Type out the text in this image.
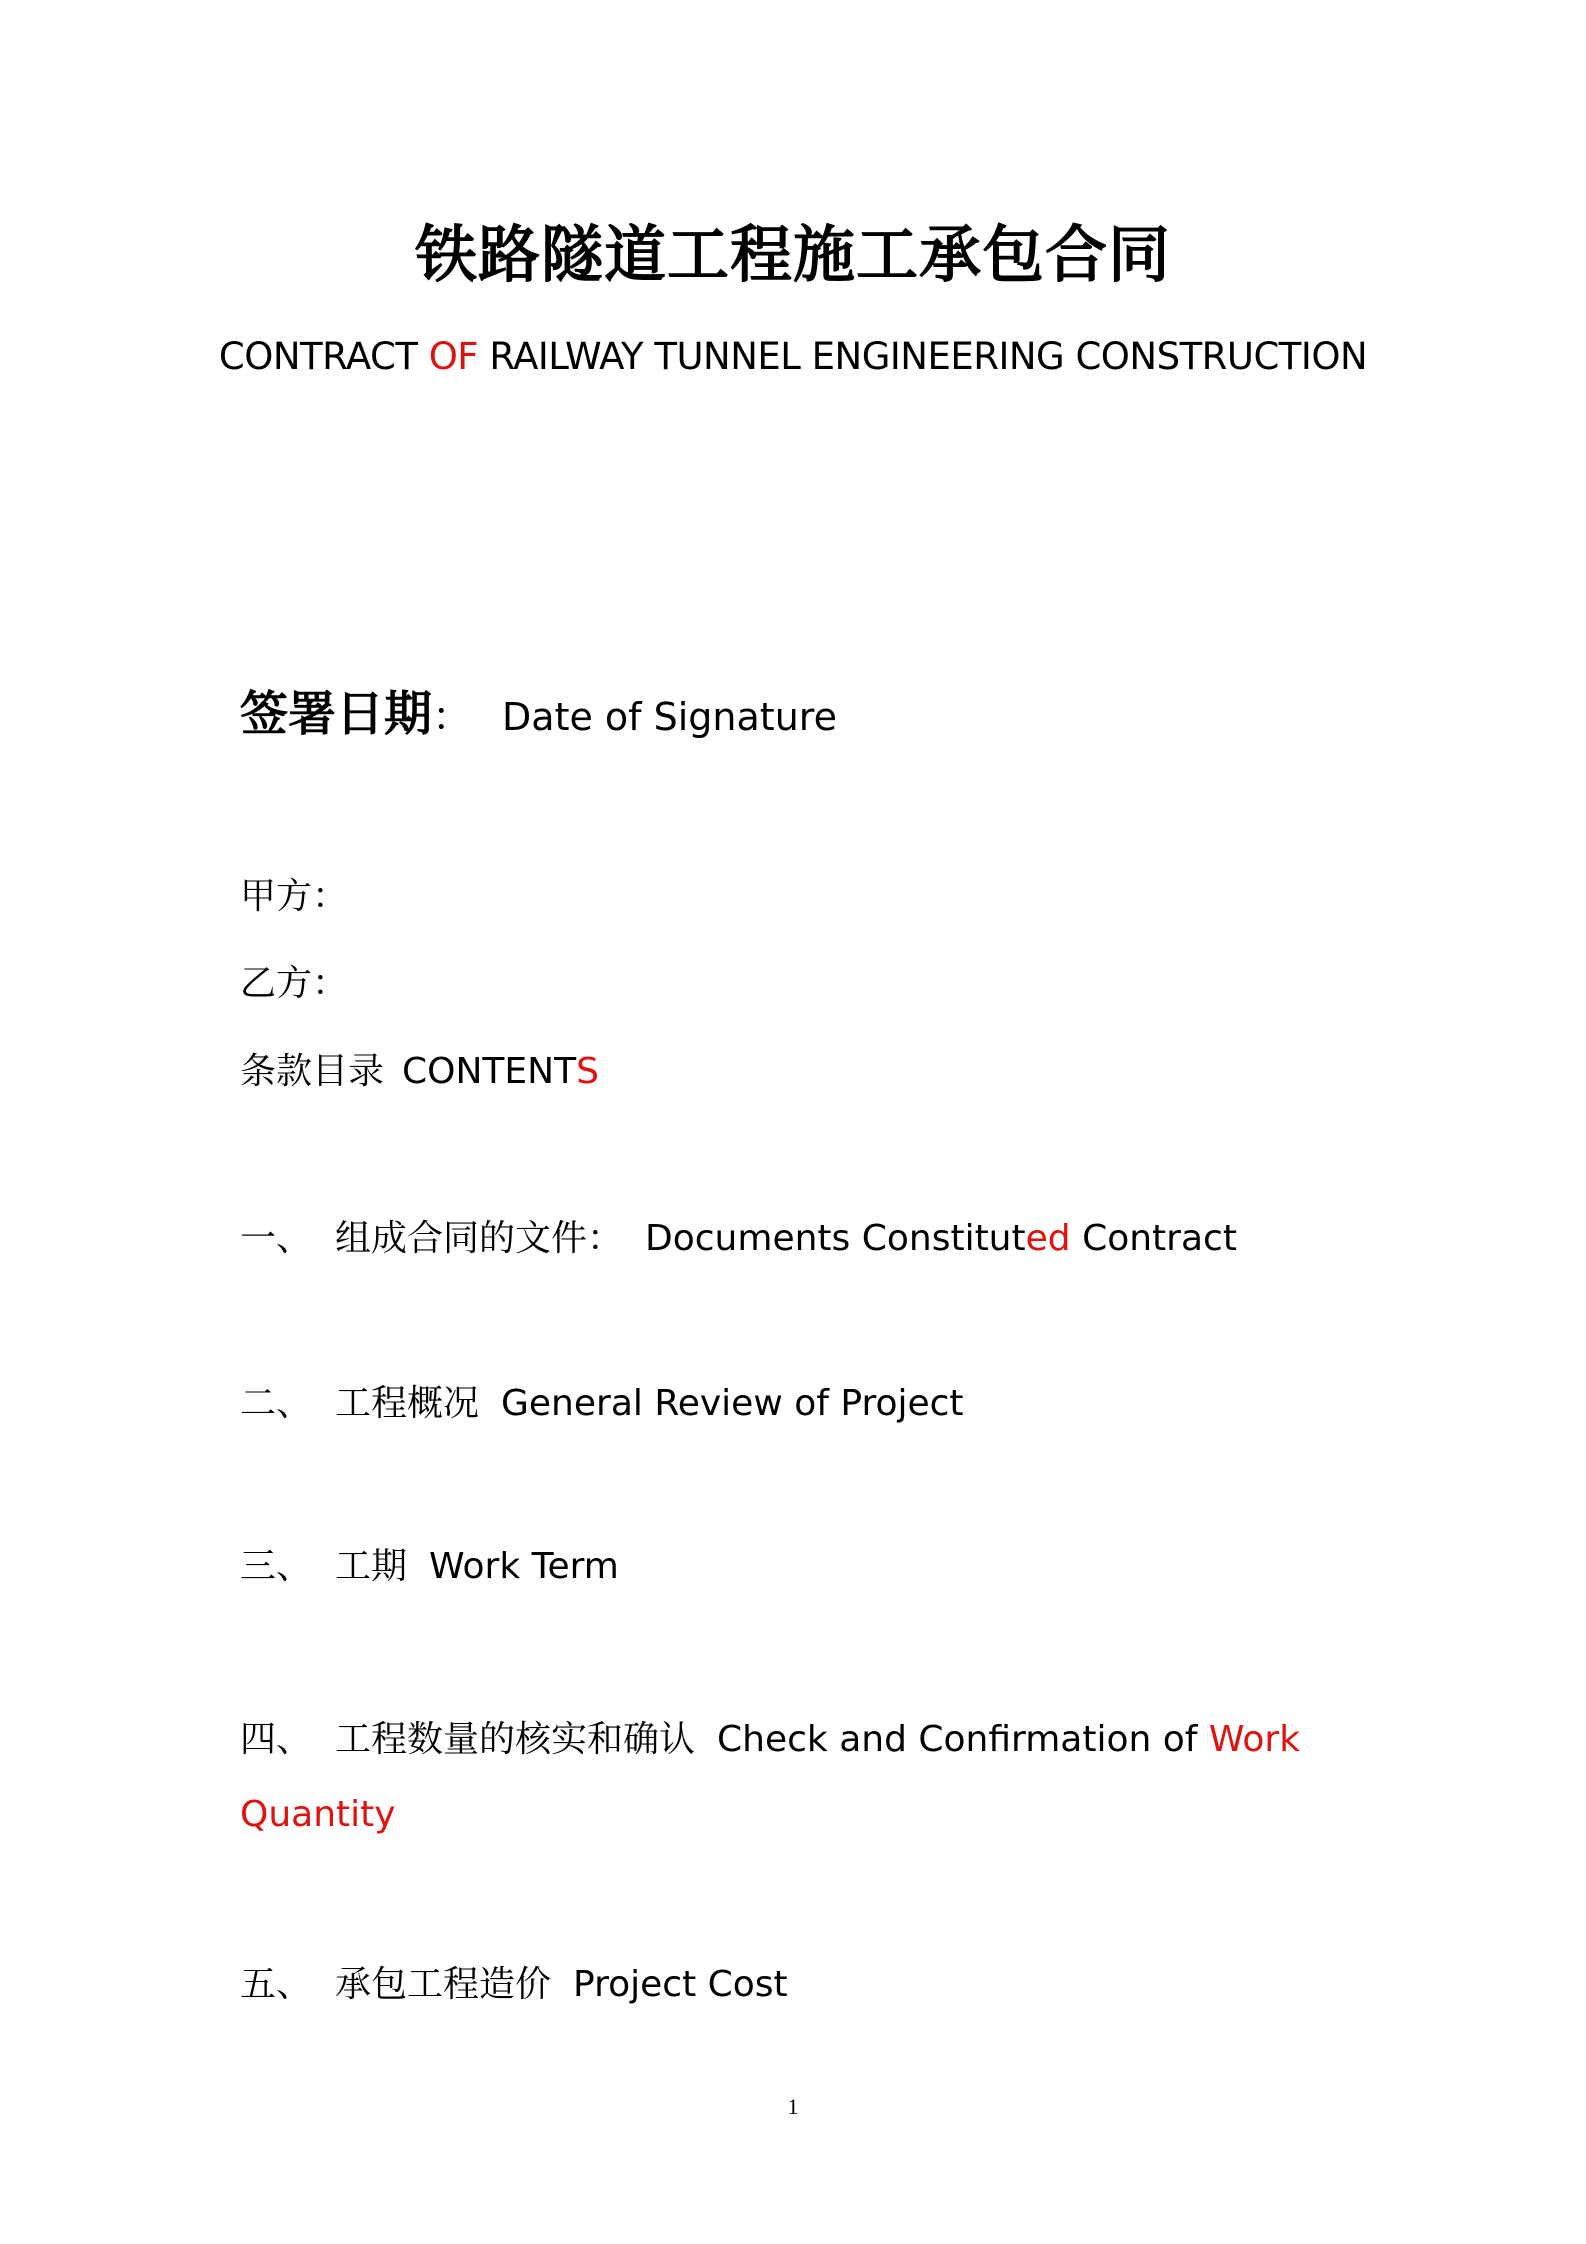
铁路隧道工程施工承包合同
CONTRACT OF RAILWAY TUNNEL ENGINEERING CONSTRUCTION
签署日期： Date of Signature
甲方：
乙方：
条款目录 CONTENTS
一、 组成合同的文件： Documents Constituted Contract
二、 工程概况 General Review of Project
三、 工期 Work Term
四、 工程数量的核实和确认 Check and Confirmation of Work
Quantity
五、 承包工程造价 Project Cost
1
